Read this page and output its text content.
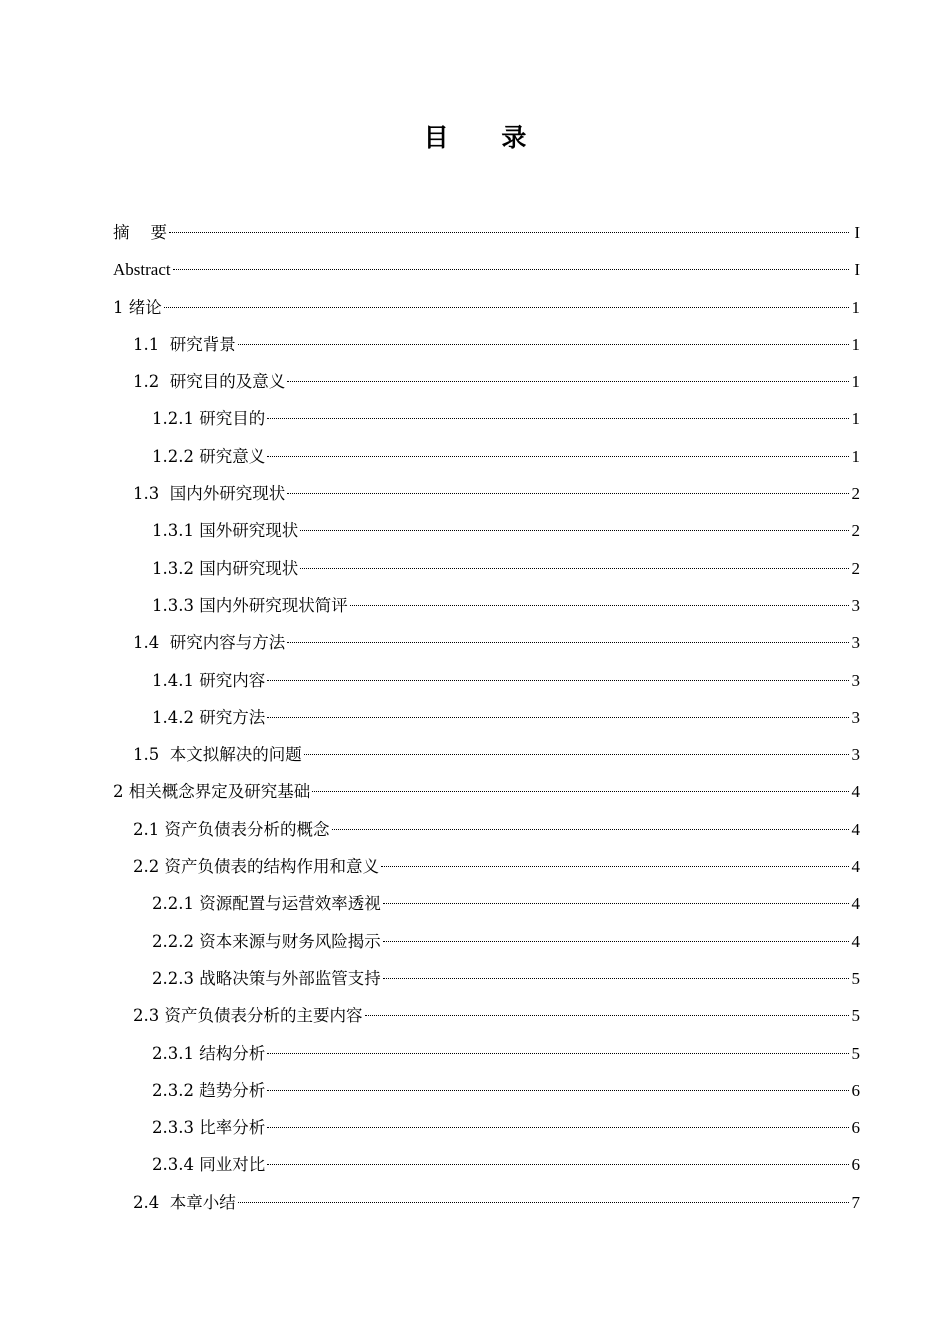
目 录
摘    要	I
Abstract	I
1 绪论	1
1.1  研究背景	1
1.2  研究目的及意义	1
1.2.1 研究目的	1
1.2.2 研究意义	1
1.3  国内外研究现状	2
1.3.1 国外研究现状	2
1.3.2 国内研究现状	2
1.3.3 国内外研究现状简评	3
1.4  研究内容与方法	3
1.4.1 研究内容	3
1.4.2 研究方法	3
1.5  本文拟解决的问题	3
2 相关概念界定及研究基础	4
2.1 资产负债表分析的概念	4
2.2 资产负债表的结构作用和意义	4
2.2.1 资源配置与运营效率透视	4
2.2.2 资本来源与财务风险揭示	4
2.2.3 战略决策与外部监管支持	5
2.3 资产负债表分析的主要内容	5
2.3.1 结构分析	5
2.3.2 趋势分析	6
2.3.3 比率分析	6
2.3.4 同业对比	6
2.4  本章小结	7
